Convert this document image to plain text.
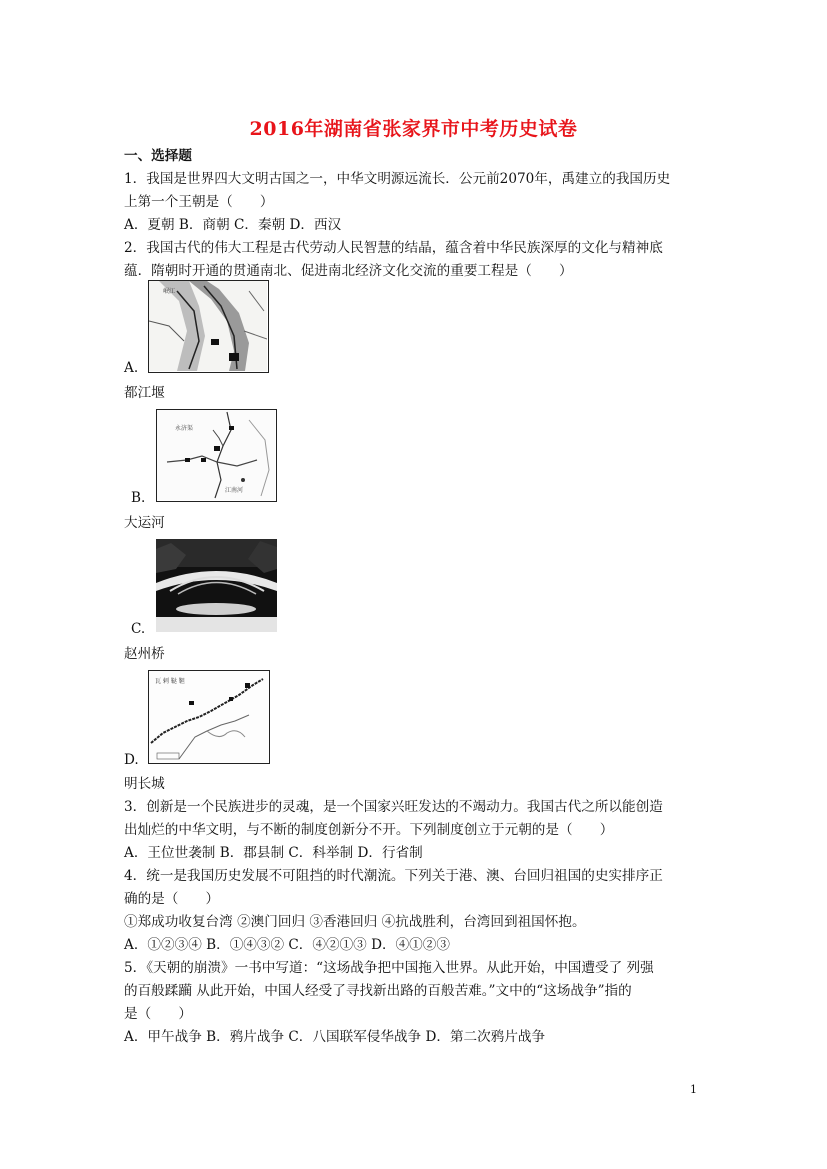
2016年湖南省张家界市中考历史试卷
一、选择题
1．我国是世界四大文明古国之一，中华文明源远流长．公元前2070年，禹建立的我国历史
上第一个王朝是（　　）
A．夏朝 B．商朝 C．秦朝 D．西汉
2．我国古代的伟大工程是古代劳动人民智慧的结晶，蕴含着中华民族深厚的文化与精神底
蕴．隋朝时开通的贯通南北、促进南北经济文化交流的重要工程是（　　）
岷江
A.
都江堰
永济渠
江南河
B.
大运河
C.
赵州桥
瓦 剌 鞑 靼
D.
明长城
3．创新是一个民族进步的灵魂，是一个国家兴旺发达的不竭动力。我国古代之所以能创造
出灿烂的中华文明，与不断的制度创新分不开。下列制度创立于元朝的是（　　）
A．王位世袭制 B．郡县制 C．科举制 D．行省制
4．统一是我国历史发展不可阻挡的时代潮流。下列关于港、澳、台回归祖国的史实排序正
确的是（　　）
①郑成功收复台湾 ②澳门回归 ③香港回归 ④抗战胜利，台湾回到祖国怀抱。
A．①②③④ B．①④③② C．④②①③ D．④①②③
5．《天朝的崩溃》一书中写道：“这场战争把中国拖入世界。从此开始，中国遭受了 列强
的百般蹂躏 从此开始，中国人经受了寻找新出路的百般苦难。”文中的“这场战争”指的
是（　　）
A．甲午战争 B．鸦片战争 C．八国联军侵华战争 D．第二次鸦片战争
1
